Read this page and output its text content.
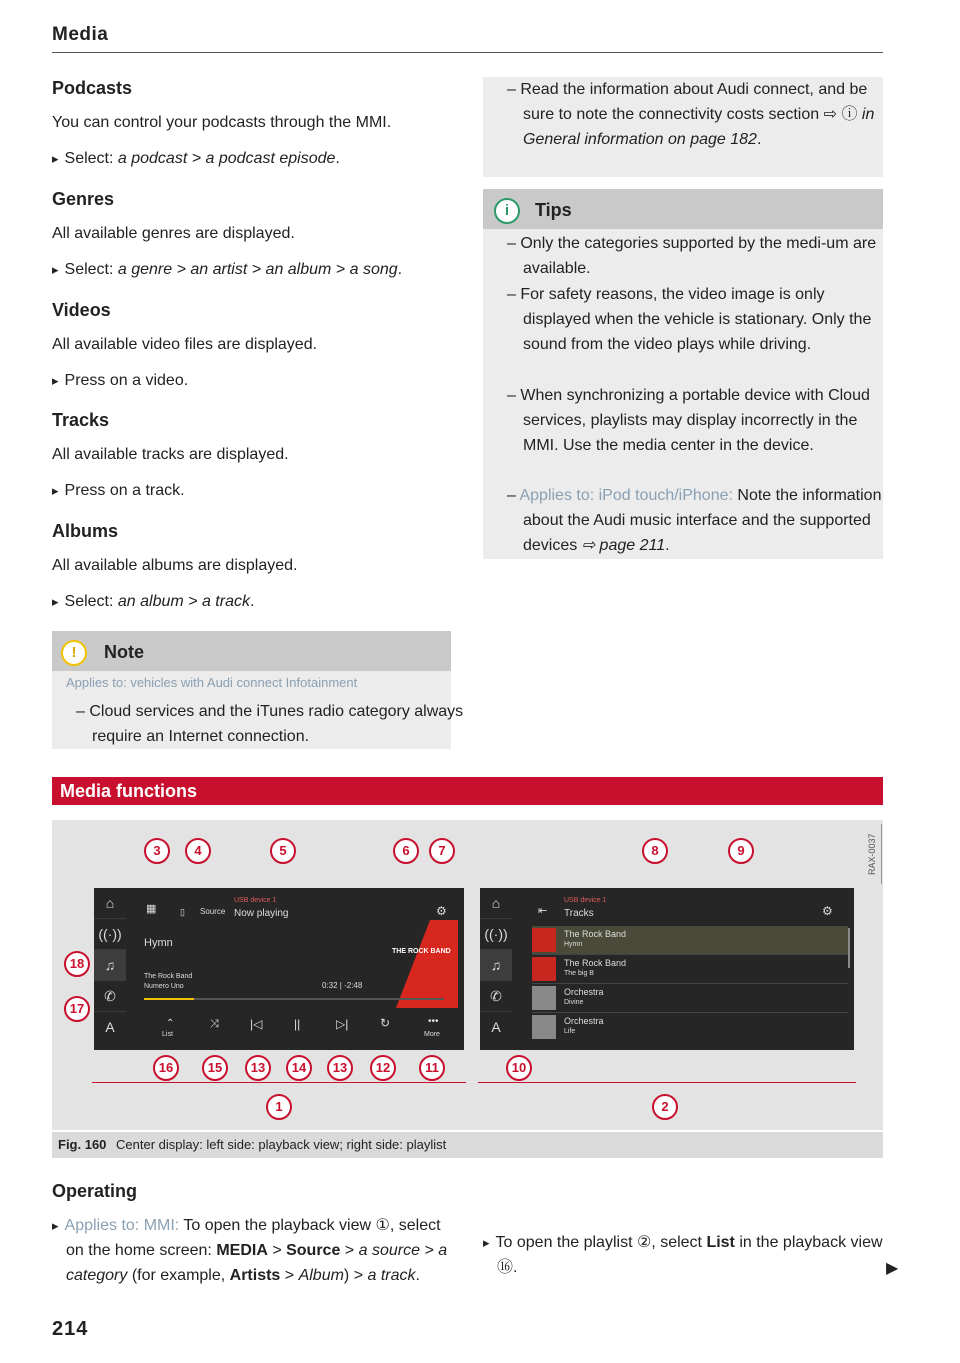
Media
Podcasts

You can control your podcasts through the MMI.

▸ Select: a podcast > a podcast episode.

Genres

All available genres are displayed.

▸ Select: a genre > an artist > an album > a song.

Videos

All available video files are displayed.

▸ Press on a video.

Tracks

All available tracks are displayed.

▸ Press on a track.

Albums

All available albums are displayed.

▸ Select: an album > a track.

!	Note
Applies to: vehicles with Audi connect Infotainment
– Cloud services and the iTunes radio category always require an Internet connection.
– Read the information about Audi connect, and be sure to note the connectivity costs section ⇨ ⓘ in General information on page 182.
i	Tips
– Only the categories supported by the medi-um are available.
– For safety reasons, the video image is only displayed when the vehicle is stationary. Only the sound from the video plays while driving.
– When synchronizing a portable device with Cloud services, playlists may display incorrectly in the MMI. Use the media center in the device.
– Applies to: iPod touch/iPhone: Note the information about the Audi music interface and the supported devices ⇨ page 211.
Media functions
RAX-0037
⌂
((·))
♫
✆
A
▦	▯ Source
USB device 1
Now playing	⚙
Hymn
The Rock Band
Numero Uno	0:32 | -2:48
THE ROCK BAND
⌃
List
⤨	|◁	||	▷|	↻	•••
More
⌂
((·))
♫
✆
A
⇤
USB device 1
Tracks	⚙
The Rock Band
Hymn
The Rock Band
The big B
Orchestra
Divine
Orchestra
Life
3	4	5	6	7	8	9
18
17
16	15	13	14	13	12	11	10
1	2
Fig. 160 Center display: left side: playback view; right side: playlist
Operating

▸ Applies to: MMI: To open the playback view ①, select on the home screen: MEDIA > Source > a source > a category (for example, Artists > Album) > a track.

▸ To open the playlist ②, select List in the playback view ⑯.	▶
214
